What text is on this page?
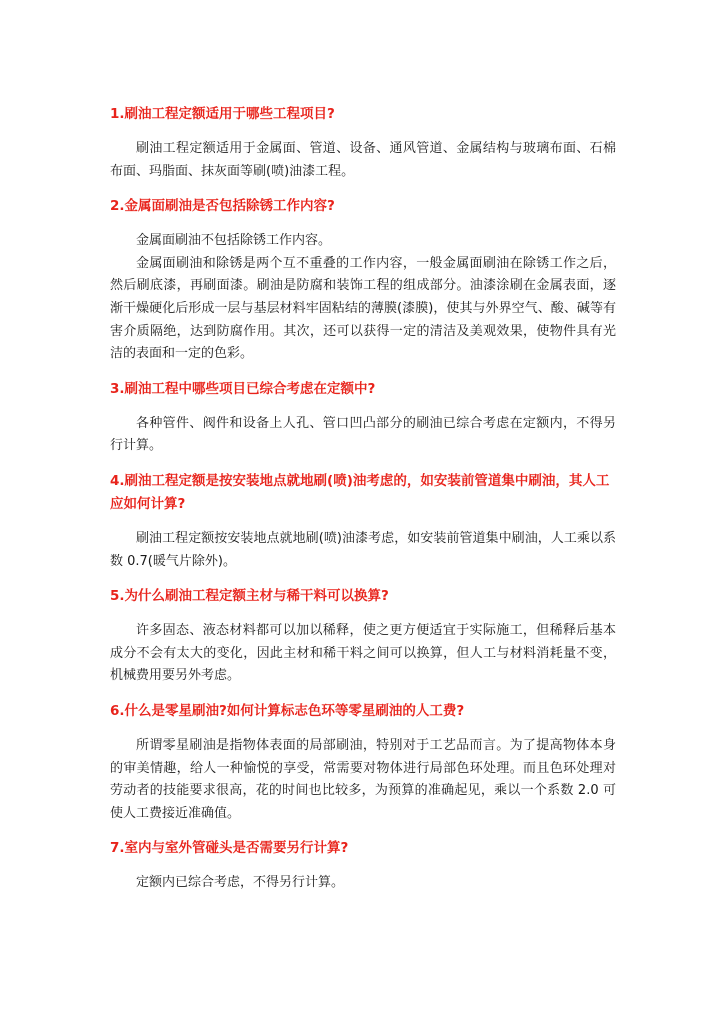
1.刷油工程定额适用于哪些工程项目?

刷油工程定额适用于金属面、管道、设备、通风管道、金属结构与玻璃布面、石棉布面、玛脂面、抹灰面等刷(喷)油漆工程。

2.金属面刷油是否包括除锈工作内容?

金属面刷油不包括除锈工作内容。

金属面刷油和除锈是两个互不重叠的工作内容，一般金属面刷油在除锈工作之后，然后刷底漆，再刷面漆。刷油是防腐和装饰工程的组成部分。油漆涂刷在金属表面，逐渐干燥硬化后形成一层与基层材料牢固粘结的薄膜(漆膜)，使其与外界空气、酸、碱等有害介质隔绝，达到防腐作用。其次，还可以获得一定的清洁及美观效果，使物件具有光洁的表面和一定的色彩。

3.刷油工程中哪些项目已综合考虑在定额中?

各种管件、阀件和设备上人孔、管口凹凸部分的刷油已综合考虑在定额内，不得另行计算。

4.刷油工程定额是按安装地点就地刷(喷)油考虑的，如安装前管道集中刷油，其人工应如何计算?

刷油工程定额按安装地点就地刷(喷)油漆考虑，如安装前管道集中刷油，人工乘以系数 0.7(暖气片除外)。

5.为什么刷油工程定额主材与稀干料可以换算?

许多固态、液态材料都可以加以稀释，使之更方便适宜于实际施工，但稀释后基本成分不会有太大的变化，因此主材和稀干料之间可以换算，但人工与材料消耗量不变，机械费用要另外考虑。

6.什么是零星刷油?如何计算标志色环等零星刷油的人工费?

所谓零星刷油是指物体表面的局部刷油，特别对于工艺品而言。为了提高物体本身的审美情趣，给人一种愉悦的享受，常需要对物体进行局部色环处理。而且色环处理对劳动者的技能要求很高，花的时间也比较多，为预算的准确起见，乘以一个系数 2.0 可使人工费接近准确值。

7.室内与室外管碰头是否需要另行计算?

定额内已综合考虑，不得另行计算。
